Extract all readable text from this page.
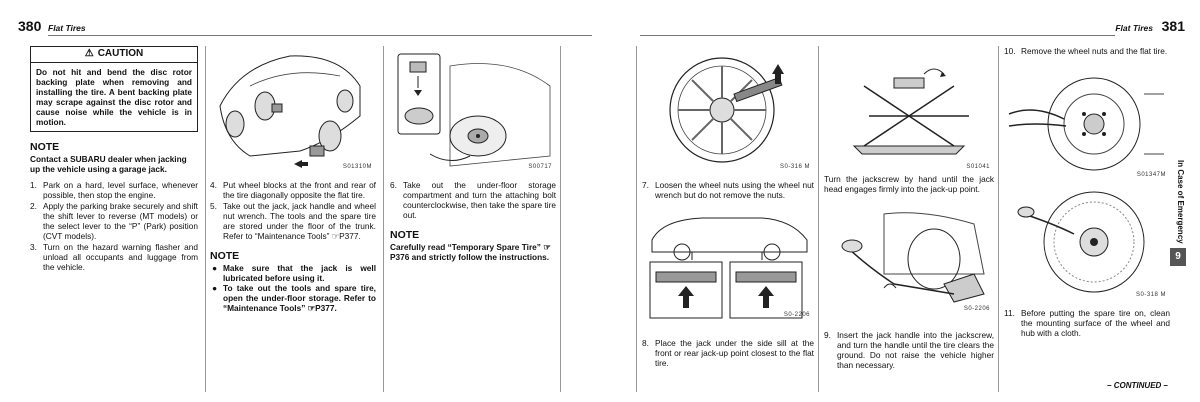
380 Flat Tires
⚠ CAUTION
Do not hit and bend the disc rotor backing plate when removing and installing the tire. A bent backing plate may scrape against the disc rotor and cause noise while the vehicle is in motion.
NOTE
Contact a SUBARU dealer when jacking up the vehicle using a garage jack.
1. Park on a hard, level surface, whenever possible, then stop the engine.
2. Apply the parking brake securely and shift the shift lever to reverse (MT models) or the select lever to the “P” (Park) position (CVT models).
3. Turn on the hazard warning flasher and unload all occupants and luggage from the vehicle.
S01310M
4. Put wheel blocks at the front and rear of the tire diagonally opposite the flat tire.
5. Take out the jack, jack handle and wheel nut wrench. The tools and the spare tire are stored under the floor of the trunk. Refer to “Maintenance Tools” ☞P377.
NOTE
● Make sure that the jack is well lubricated before using it.
● To take out the tools and spare tire, open the under-floor storage. Refer to “Maintenance Tools” ☞P377.
S00717
6. Take out the under-floor storage compartment and turn the attaching bolt counterclockwise, then take the spare tire out.
NOTE
Carefully read “Temporary Spare Tire” ☞P376 and strictly follow the instructions.
Flat Tires 381
S0-316 M
7. Loosen the wheel nuts using the wheel nut wrench but do not remove the nuts.
S0-2206
8. Place the jack under the side sill at the front or rear jack-up point closest to the flat tire.
S01041
Turn the jackscrew by hand until the jack head engages firmly into the jack-up point.
S0-2206
9. Insert the jack handle into the jackscrew, and turn the handle until the tire clears the ground. Do not raise the vehicle higher than necessary.
10. Remove the wheel nuts and the flat tire.
S01347M
S0-318 M
11. Before putting the spare tire on, clean the mounting surface of the wheel and hub with a cloth.
– CONTINUED –
In Case of Emergency
9
